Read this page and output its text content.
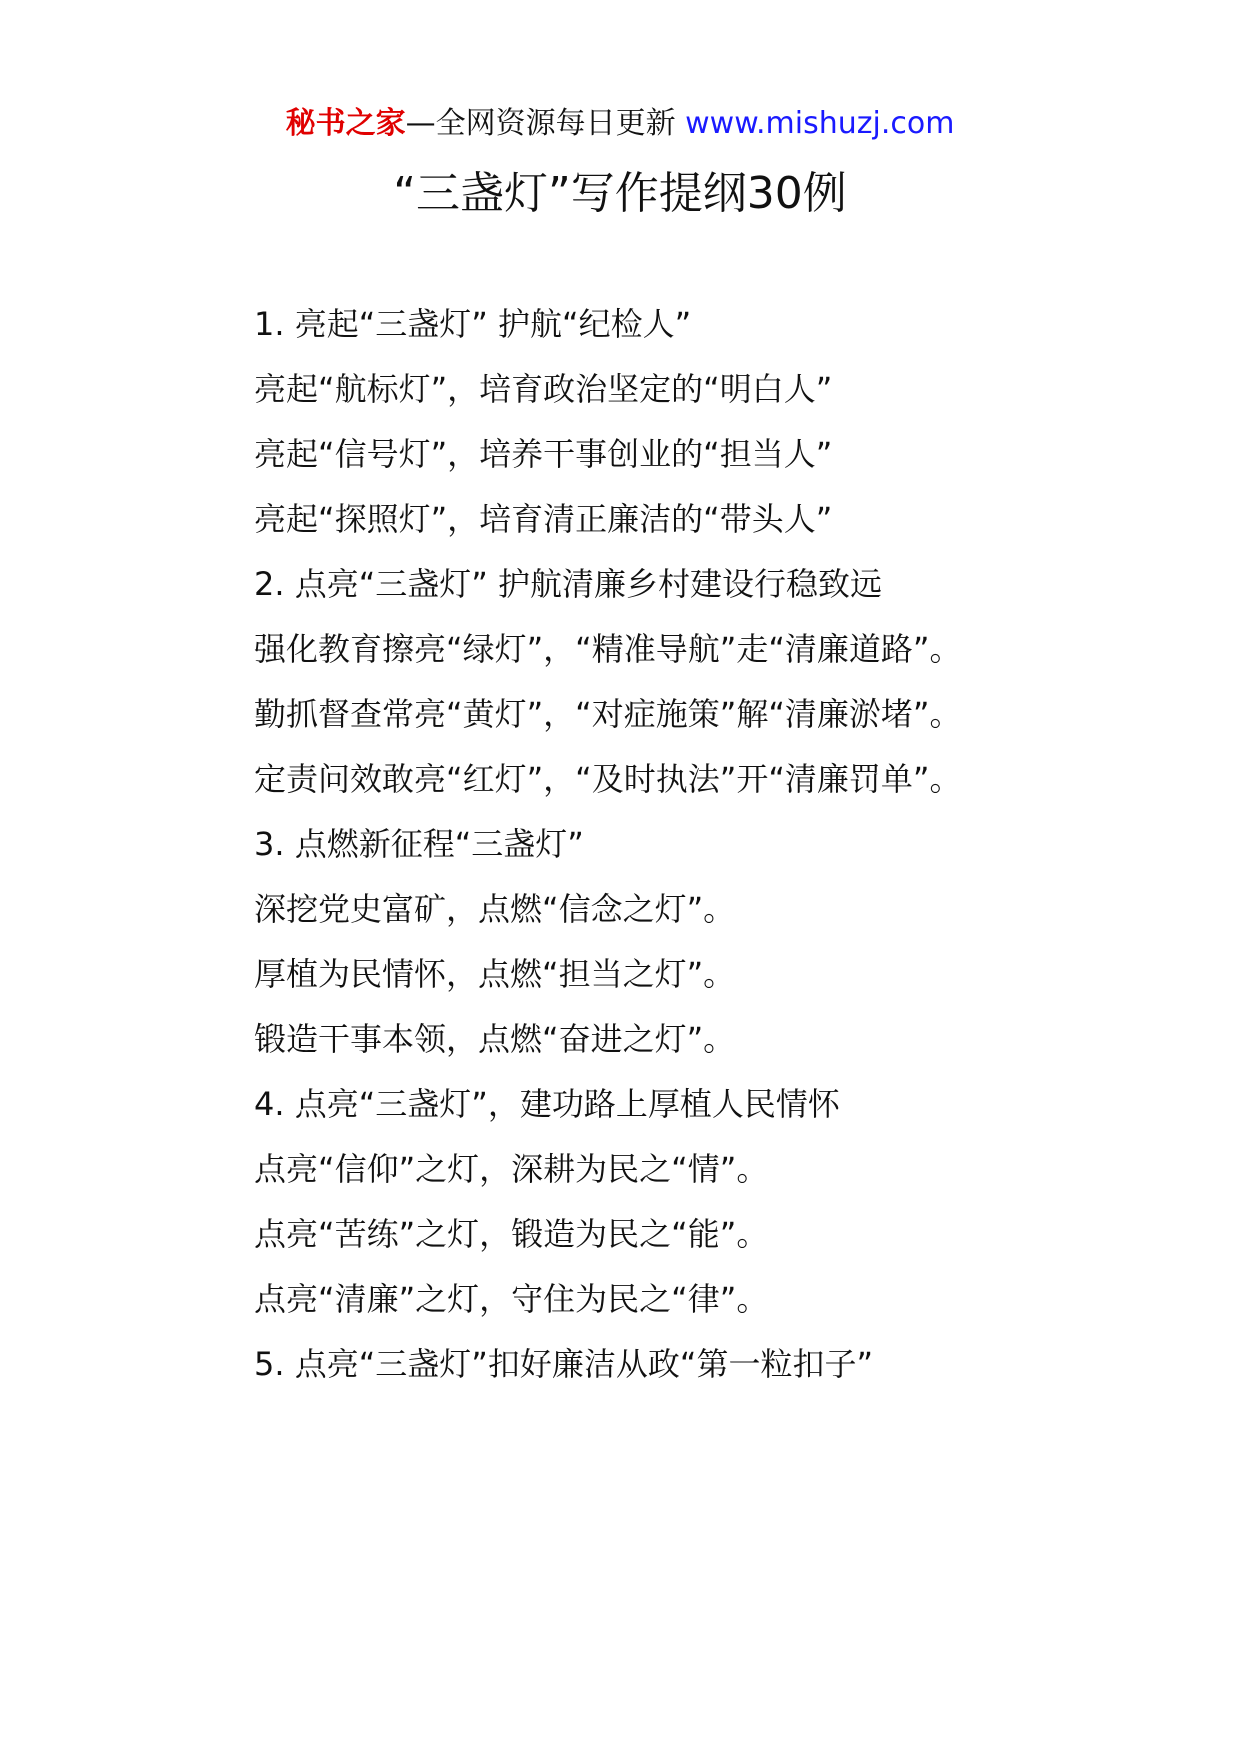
秘书之家—全网资源每日更新 www.mishuzj.com
“三盏灯”写作提纲30例

1. 亮起“三盏灯” 护航“纪检人”

亮起“航标灯”，培育政治坚定的“明白人”

亮起“信号灯”，培养干事创业的“担当人”

亮起“探照灯”，培育清正廉洁的“带头人”

2. 点亮“三盏灯” 护航清廉乡村建设行稳致远

强化教育擦亮“绿灯”，“精准导航”走“清廉道路”。

勤抓督查常亮“黄灯”，“对症施策”解“清廉淤堵”。

定责问效敢亮“红灯”，“及时执法”开“清廉罚单”。

3. 点燃新征程“三盏灯”

深挖党史富矿，点燃“信念之灯”。

厚植为民情怀，点燃“担当之灯”。

锻造干事本领，点燃“奋进之灯”。

4. 点亮“三盏灯”，建功路上厚植人民情怀

点亮“信仰”之灯，深耕为民之“情”。

点亮“苦练”之灯，锻造为民之“能”。

点亮“清廉”之灯，守住为民之“律”。

5. 点亮“三盏灯”扣好廉洁从政“第一粒扣子”
